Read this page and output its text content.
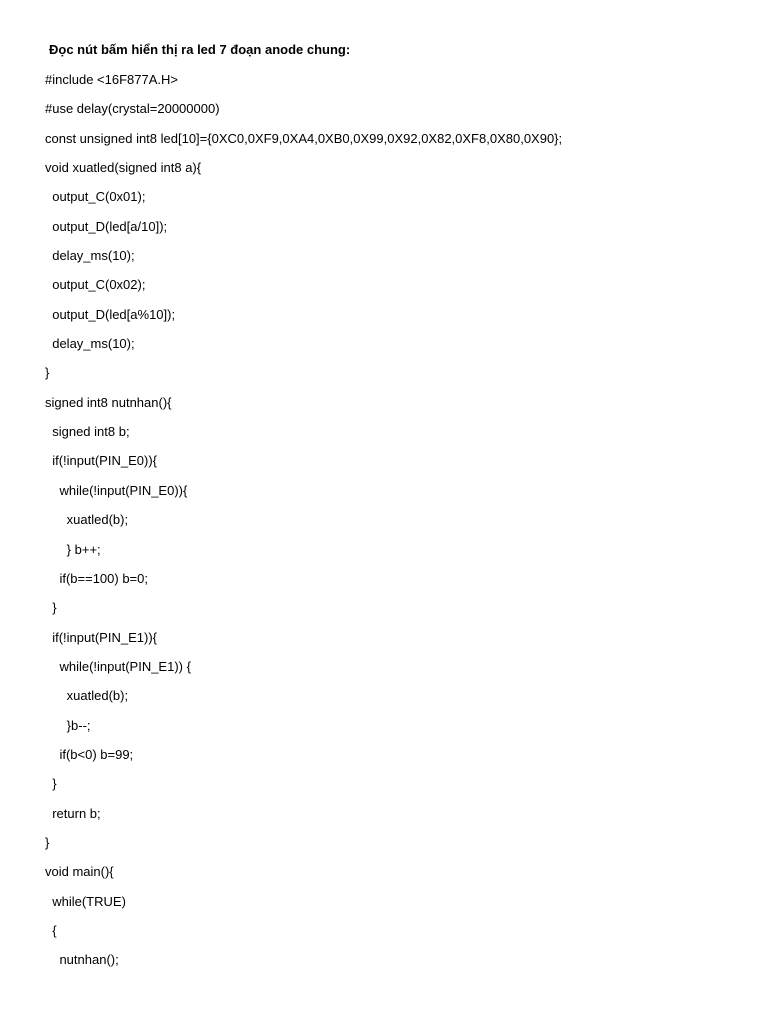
Đọc nút bấm hiển thị ra led 7 đoạn anode chung:
#include <16F877A.H>
#use delay(crystal=20000000)
const unsigned int8 led[10]={0XC0,0XF9,0XA4,0XB0,0X99,0X92,0X82,0XF8,0X80,0X90};
void xuatled(signed int8 a){
output_C(0x01);
output_D(led[a/10]);
delay_ms(10);
output_C(0x02);
output_D(led[a%10]);
delay_ms(10);
}
signed int8 nutnhan(){
signed int8 b;
if(!input(PIN_E0)){
while(!input(PIN_E0)){
xuatled(b);
} b++;
if(b==100) b=0;
}
if(!input(PIN_E1)){
while(!input(PIN_E1)) {
xuatled(b);
}b--;
if(b<0) b=99;
}
return b;
}
void main(){
while(TRUE)
{
nutnhan();
